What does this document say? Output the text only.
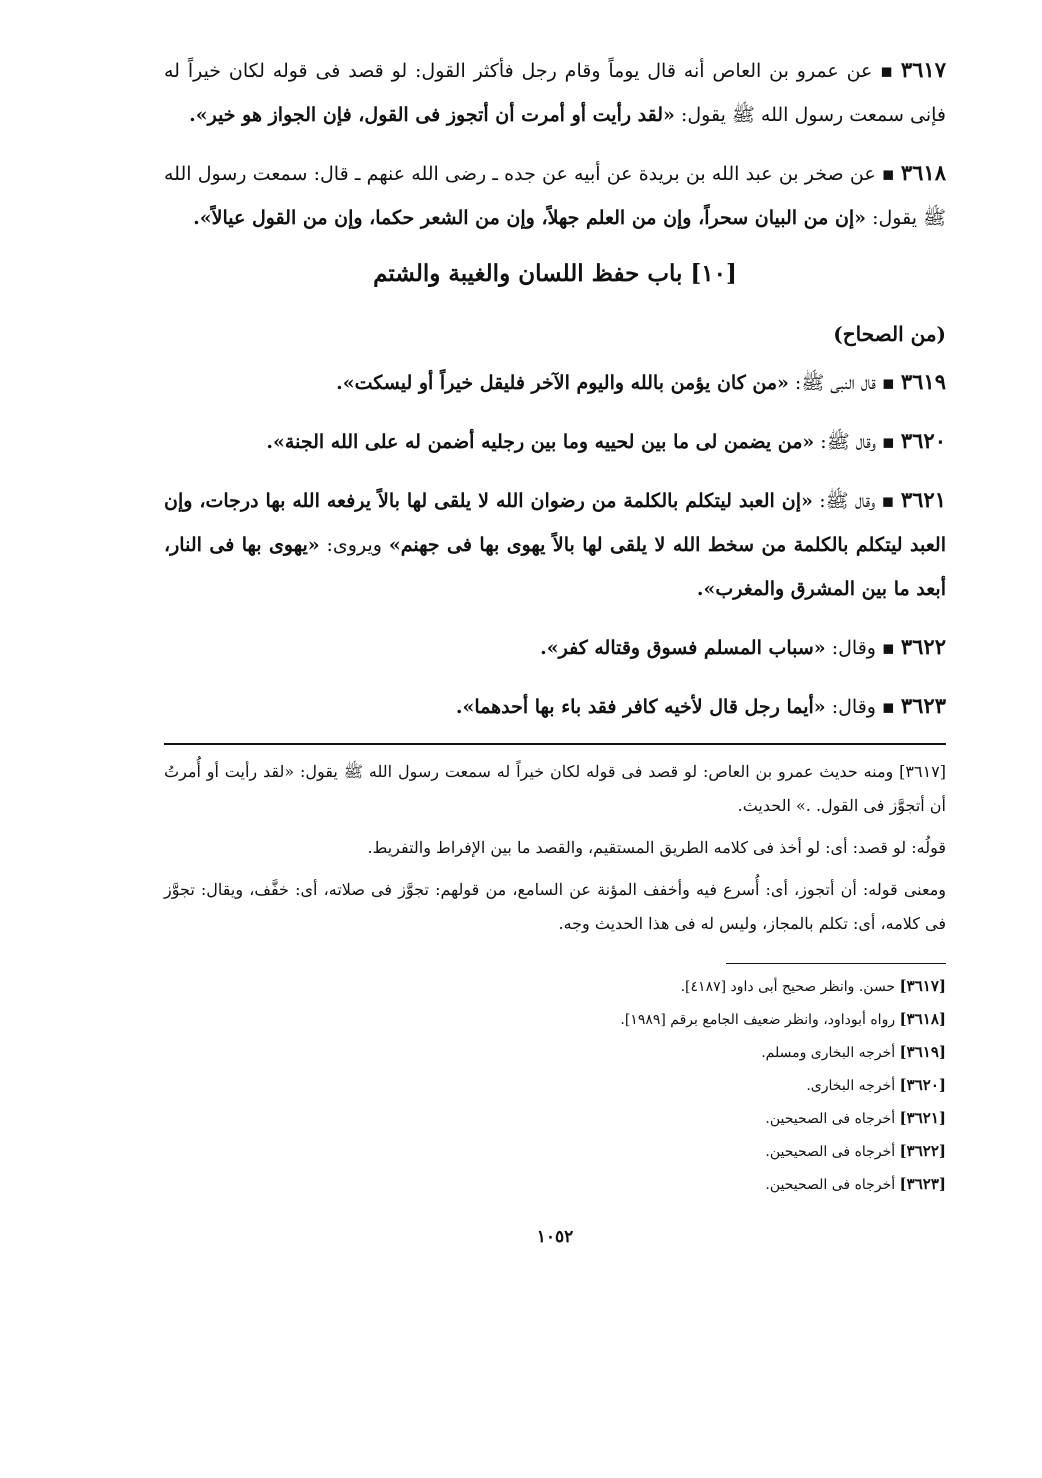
٣٦١٧▪عن عمرو بن العاص أنه قال يوماً وقام رجل فأكثر القول: لو قصد فى قوله لكان خيراً له فإنى سمعت رسول الله ﷺ يقول: «لقد رأيت أو أمرت أن أتجوز فى القول، فإن الجواز هو خير».

٣٦١٨▪عن صخر بن عبد الله بن بريدة عن أبيه عن جده ـ رضى الله عنهم ـ قال: سمعت رسول الله ﷺ يقول: «إن من البيان سحراً، وإن من العلم جهلاً، وإن من الشعر حكما، وإن من القول عيالاً».

[١٠] باب حفظ اللسان والغيبة والشتم
(من الصحاح)

٣٦١٩▪قال النبى ﷺ: «من كان يؤمن بالله واليوم الآخر فليقل خيراً أو ليسكت».

٣٦٢٠▪وقال ﷺ: «من يضمن لى ما بين لحييه وما بين رجليه أضمن له على الله الجنة».

٣٦٢١▪وقال ﷺ: «إن العبد ليتكلم بالكلمة من رضوان الله لا يلقى لها بالاً يرفعه الله بها درجات، وإن العبد ليتكلم بالكلمة من سخط الله لا يلقى لها بالاً يهوى بها فى جهنم» ويروى: «يهوى بها فى النار، أبعد ما بين المشرق والمغرب».

٣٦٢٢▪وقال: «سباب المسلم فسوق وقتاله كفر».

٣٦٢٣▪وقال: «أيما رجل قال لأخيه كافر فقد باء بها أحدهما».

[٣٦١٧] ومنه حديث عمرو بن العاص: لو قصد فى قوله لكان خيراً له سمعت رسول الله ﷺ يقول: «لقد رأيت أو أُمرتُ أن أتجوَّز فى القول. .» الحديث.

قولُه: لو قصد: أى: لو أخذ فى كلامه الطريق المستقيم، والقصد ما بين الإفراط والتفريط.

ومعنى قوله: أن أتجوز، أى: أُسرع فيه وأخفف المؤنة عن السامع، من قولهم: تجوَّز فى صلاته، أى: خفَّف، ويقال: تجوَّز فى كلامه، أى: تكلم بالمجاز، وليس له فى هذا الحديث وجه.

[٣٦١٧] حسن. وانظر صحيح أبى داود [٤١٨٧].
[٣٦١٨] رواه أبوداود، وانظر ضعيف الجامع برقم [١٩٨٩].
[٣٦١٩] أخرجه البخارى ومسلم.
[٣٦٢٠] أخرجه البخارى.
[٣٦٢١] أخرجاه فى الصحيحين.
[٣٦٢٢] أخرجاه فى الصحيحين.
[٣٦٢٣] أخرجاه فى الصحيحين.
١٠٥٢
